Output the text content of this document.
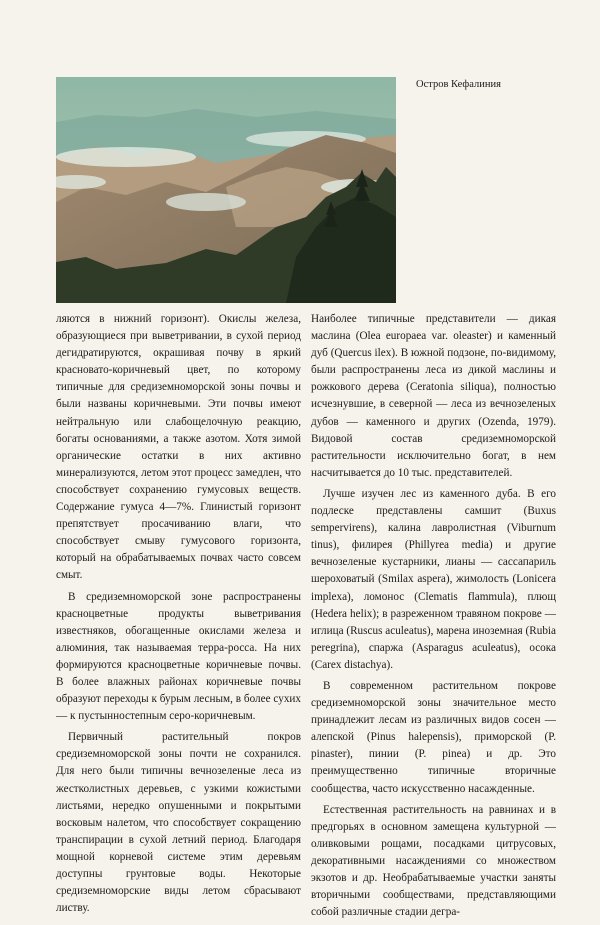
Остров Кефалиния

ляются в нижний горизонт). Окислы железа, образующиеся при выветривании, в сухой период дегидратируются, окрашивая почву в яркий красновато-коричневый цвет, по которому типичные для средиземноморской зоны почвы и были названы коричневыми. Эти почвы имеют нейтральную или слабощелочную реакцию, богаты основаниями, а также азотом. Хотя зимой органические остатки в них активно минерализуются, летом этот процесс замедлен, что способствует сохранению гумусовых веществ. Содержание гумуса 4—7%. Глинистый горизонт препятствует просачиванию влаги, что способствует смыву гумусового горизонта, который на обрабатываемых почвах часто совсем смыт.

В средиземноморской зоне распространены красноцветные продукты выветривания известняков, обогащенные окислами железа и алюминия, так называемая терра-росса. На них формируются красноцветные коричневые почвы. В более влажных районах коричневые почвы образуют переходы к бурым лесным, в более сухих — к пустынностепным серо-коричневым.

Первичный растительный покров средиземноморской зоны почти не сохранился. Для него были типичны вечнозеленые леса из жестколистных деревьев, с узкими кожистыми листьями, нередко опушенными и покрытыми восковым налетом, что способствует сокращению транспирации в сухой летний период. Благодаря мощной корневой системе этим деревьям доступны грунтовые воды. Некоторые средиземноморские виды летом сбрасывают листву.

Наиболее типичные представители — дикая маслина (Olea europaea var. oleaster) и каменный дуб (Quercus ilex). В южной подзоне, по-видимому, были распространены леса из дикой маслины и рожкового дерева (Ceratonia siliqua), полностью исчезнувшие, в северной — леса из вечнозеленых дубов — каменного и других (Ozenda, 1979). Видовой состав средиземноморской растительности исключительно богат, в нем насчитывается до 10 тыс. представителей.

Лучше изучен лес из каменного дуба. В его подлеске представлены самшит (Buxus sempervirens), калина лавролистная (Viburnum tinus), филирея (Phillyrea media) и другие вечнозеленые кустарники, лианы — сассапариль шероховатый (Smilax aspera), жимолость (Lonicera implexa), ломонос (Clematis flammula), плющ (Hedera helix); в разреженном травяном покрове — иглица (Ruscus aculeatus), марена иноземная (Rubia peregrina), спаржа (Asparagus aculeatus), осока (Carex distachya).

В современном растительном покрове средиземноморской зоны значительное место принадлежит лесам из различных видов сосен — алепской (Pinus halepensis), приморской (P. pinaster), пинии (P. pinea) и др. Это преимущественно типичные вторичные сообщества, часто искусственно насажденные.

Естественная растительность на равнинах и в предгорьях в основном замещена культурной — оливковыми рощами, посадками цитрусовых, декоративными насаждениями со множеством экзотов и др. Необрабатываемые участки заняты вторичными сообществами, представляющими собой различные стадии дегра-
